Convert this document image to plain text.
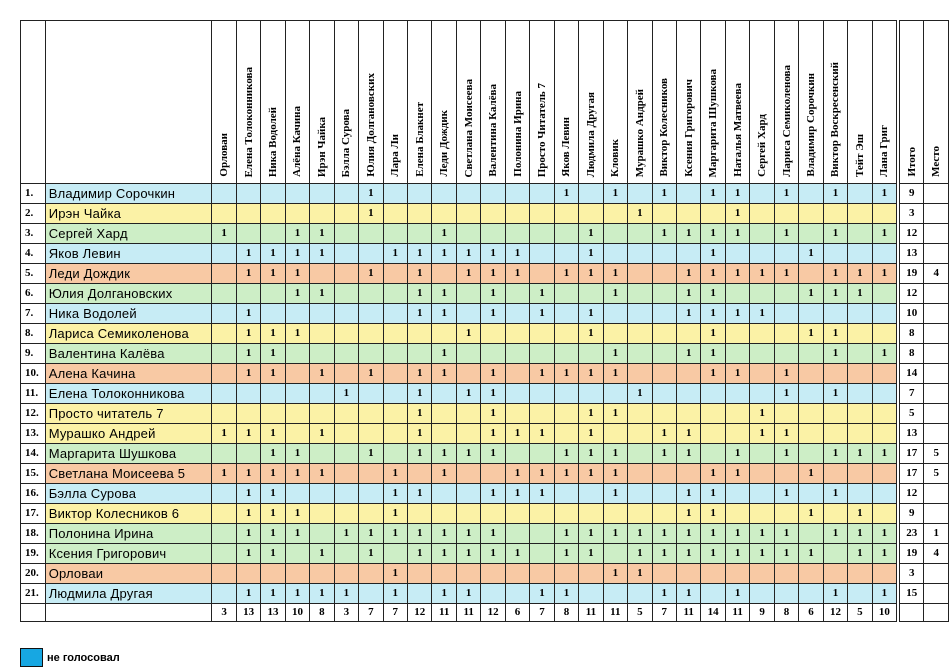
		Орловаи	Елена Толоконникова	Ника Водолей	Алёна Качина	Ирэн Чайка	Бэлла Сурова	Юлия Долгановских	Лара Ли	Елена Блакнет	Леди Дождик	Светлана Моисеева	Валентина Калёва	Полонина Ирина	Просто Читатель 7	Яков Левин	Людмила Другая	Кловик	Мурашко Андрей	Виктор Колесников	Ксения Григорович	Маргарита Шушкова	Наталья Матвеева	Сергей Хард	Лариса Семиколенова	Владимир Сорочкин	Виктор Воскресенский	Тейт Эш	Лана Григ		Итого	Место
1.	Владимир Сорочкин							1								1		1		1		1	1		1		1		1		9	
2.	Ирэн Чайка							1											1				1								3	
3.	Сергей Хард	1			1	1					1						1			1	1	1	1		1		1		1		12	
4.	Яков Левин		1	1	1	1			1	1	1	1	1	1			1					1				1					13	
5.	Леди Дождик		1	1	1			1		1		1	1	1		1	1	1			1	1	1	1	1		1	1	1		19	4
6.	Юлия Долгановских				1	1				1	1		1		1			1			1	1				1	1	1			12	
7.	Ника Водолей		1							1	1		1		1		1				1	1	1	1							10	
8.	Лариса Семиколенова		1	1	1							1					1					1				1	1				8	
9.	Валентина Калёва		1	1							1							1			1	1					1		1		8	
10.	Алена Качина		1	1		1		1		1	1		1		1	1	1	1				1	1		1						14	
11.	Елена Толоконникова						1			1		1	1						1						1		1				7	
12.	Просто читатель 7									1			1				1	1						1							5	
13.	Мурашко Андрей	1	1	1		1				1			1	1	1		1			1	1			1	1						13	
14.	Маргарита Шушкова			1	1			1		1	1	1	1			1	1	1		1	1		1		1		1	1	1		17	5
15.	Светлана Моисеева 5	1	1	1	1	1			1		1			1	1	1	1	1				1	1			1					17	5
16.	Бэлла Сурова		1	1					1	1			1	1	1			1			1	1			1		1				12	
17.	Виктор Колесников 6		1	1	1				1												1	1				1		1			9	
18.	Полонина Ирина		1	1	1		1	1	1	1	1	1	1			1	1	1	1	1	1	1	1	1	1		1	1	1		23	1
19.	Ксения Григорович		1	1		1		1		1	1	1	1	1		1	1		1	1	1	1	1	1	1	1		1	1		19	4
20.	Орловаи								1									1	1												3	
21.	Людмила Другая		1	1	1	1	1		1		1	1			1	1				1	1		1				1		1		15	
		3	13	13	10	8	3	7	7	12	11	11	12	6	7	8	11	11	5	7	11	14	11	9	8	6	12	5	10			
не голосовал
